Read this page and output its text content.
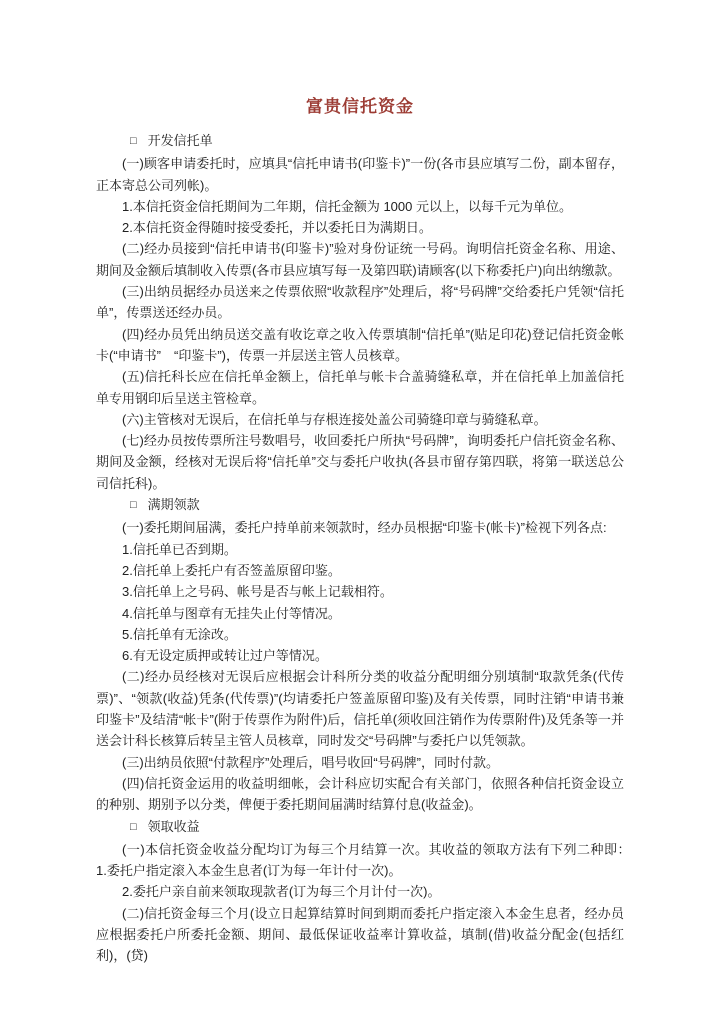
富贵信托资金
□ 开发信托单

(一)顾客申请委托时，应填具“信托申请书(印鉴卡)”一份(各市县应填写二份，副本留存，正本寄总公司列帐)。

1.本信托资金信托期间为二年期，信托金额为 1000 元以上，以每千元为单位。

2.本信托资金得随时接受委托，并以委托日为满期日。

(二)经办员接到“信托申请书(印鉴卡)”验对身份证统一号码。询明信托资金名称、用途、期间及金额后填制收入传票(各市县应填写每一及第四联)请顾客(以下称委托户)向出纳缴款。

(三)出纳员据经办员送来之传票依照“收款程序”处理后，将“号码牌”交给委托户凭领“信托单”，传票送还经办员。

(四)经办员凭出纳员送交盖有收讫章之收入传票填制“信托单”(贴足印花)登记信托资金帐卡(“申请书”　“印鉴卡”)，传票一并层送主管人员核章。

(五)信托科长应在信托单金额上，信托单与帐卡合盖骑缝私章，并在信托单上加盖信托单专用钢印后呈送主管检章。

(六)主管核对无误后，在信托单与存根连接处盖公司骑缝印章与骑缝私章。

(七)经办员按传票所注号数唱号，收回委托户所执“号码牌”，询明委托户信托资金名称、期间及金额，经核对无误后将“信托单”交与委托户收执(各县市留存第四联，将第一联送总公司信托科)。

□ 满期领款

(一)委托期间届满，委托户持单前来领款时，经办员根据“印鉴卡(帐卡)”检视下列各点:

1.信托单已否到期。

2.信托单上委托户有否签盖原留印鉴。

3.信托单上之号码、帐号是否与帐上记载相符。

4.信托单与图章有无挂失止付等情况。

5.信托单有无涂改。

6.有无设定质押或转让过户等情况。

(二)经办员经核对无误后应根据会计科所分类的收益分配明细分别填制“取款凭条(代传票)”、“领款(收益)凭条(代传票)”(均请委托户签盖原留印鉴)及有关传票，同时注销“申请书兼印鉴卡”及结清“帐卡”(附于传票作为附件)后，信托单(须收回注销作为传票附件)及凭条等一并送会计科长核算后转呈主管人员核章，同时发交“号码牌”与委托户以凭领款。

(三)出纳员依照“付款程序”处理后，唱号收回“号码牌”，同时付款。

(四)信托资金运用的收益明细帐，会计科应切实配合有关部门，依照各种信托资金设立的种别、期别予以分类，俾便于委托期间届满时结算付息(收益金)。

□ 领取收益

(一)本信托资金收益分配均订为每三个月结算一次。其收益的领取方法有下列二种即：　　　1.委托户指定滚入本金生息者(订为每一年计付一次)。

2.委托户亲自前来领取现款者(订为每三个月计付一次)。

(二)信托资金每三个月(设立日起算结算时间到期而委托户指定滚入本金生息者，经办员应根据委托户所委托金额、期间、最低保证收益率计算收益，填制(借)收益分配金(包括红利)，(贷)
